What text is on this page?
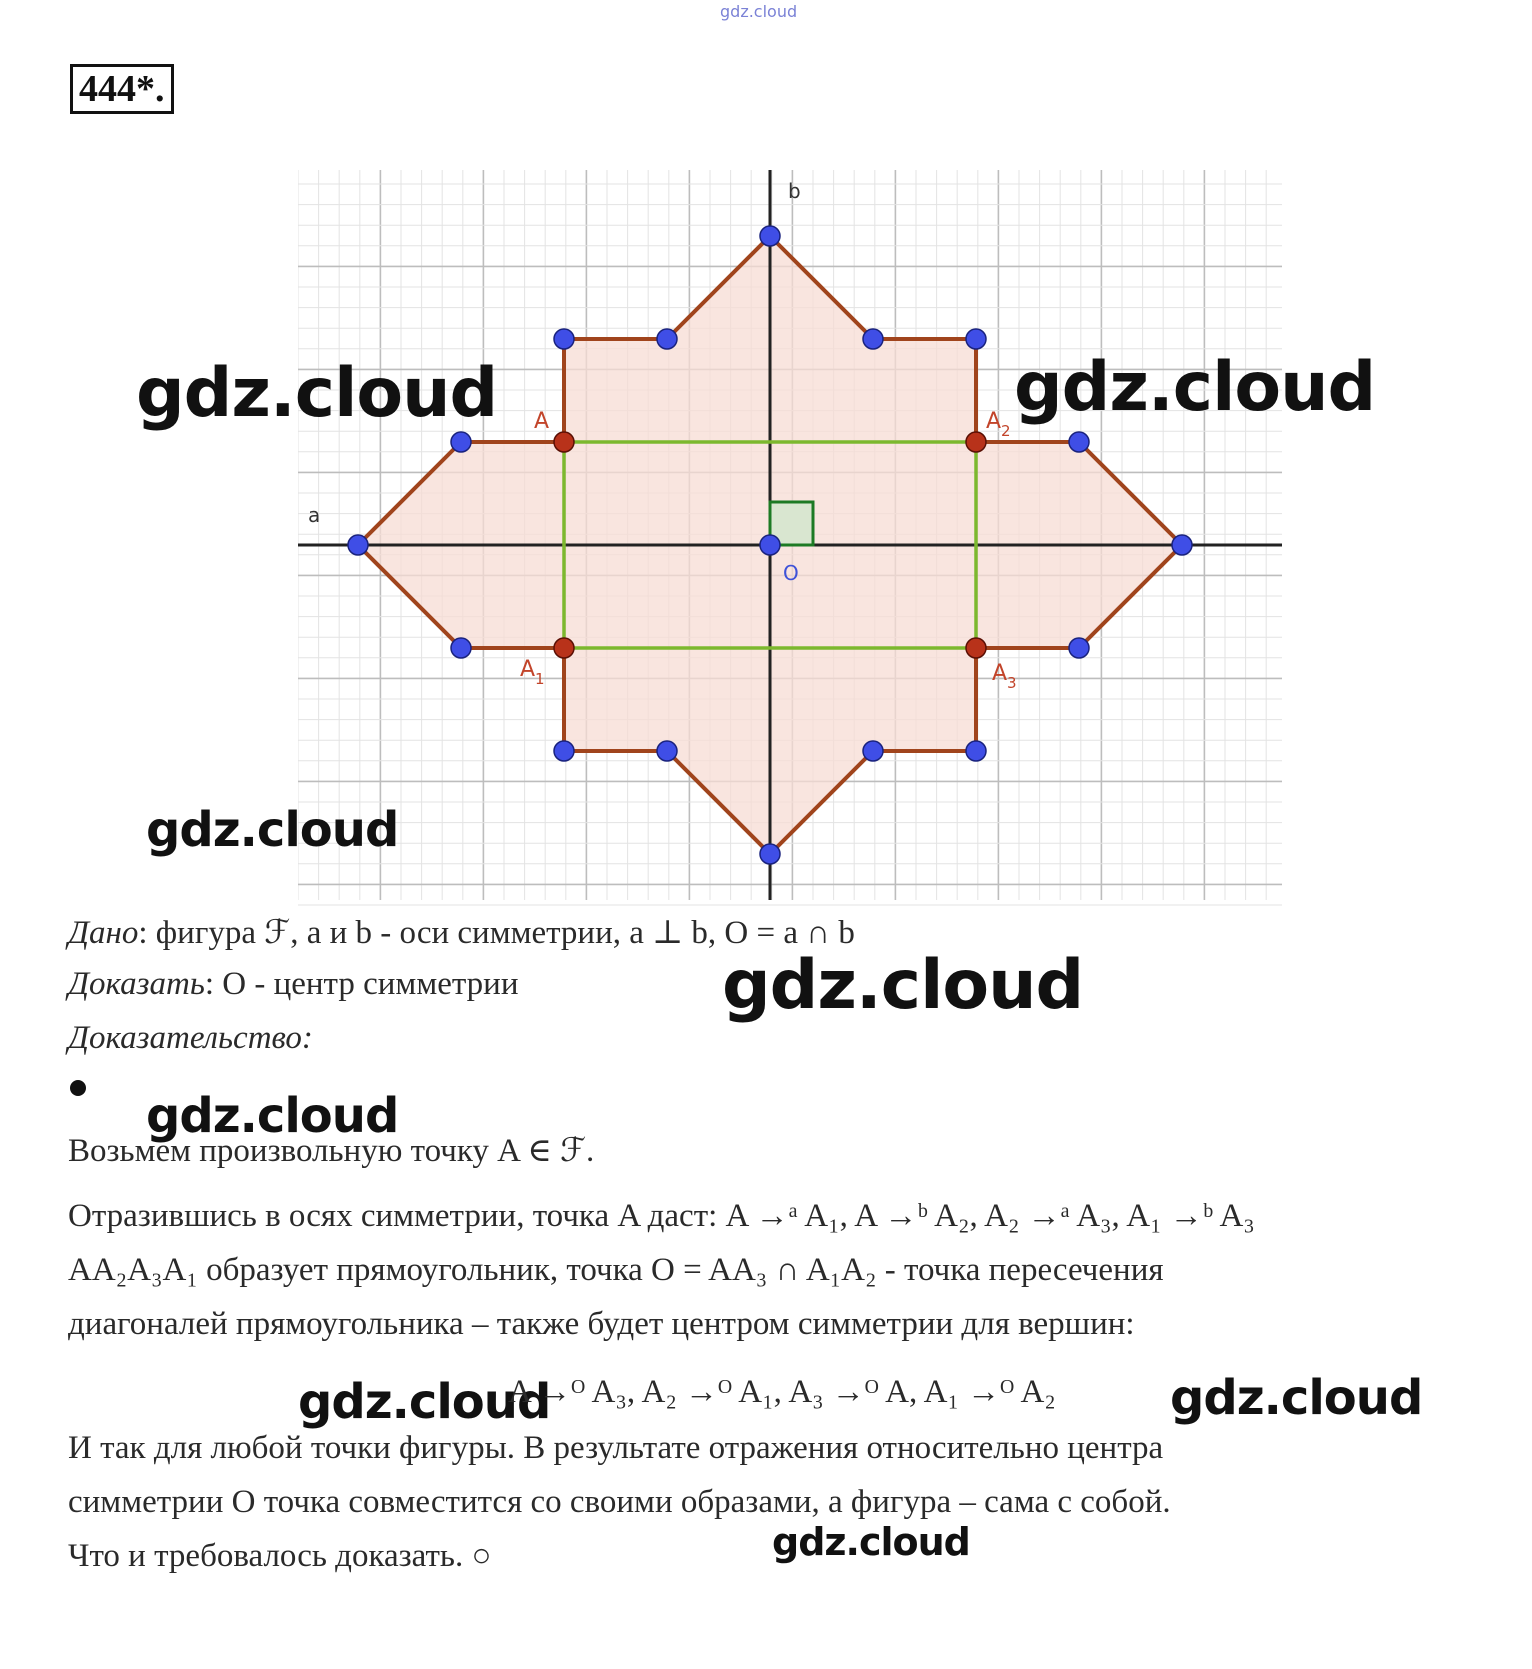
gdz.cloud
444*.
a
b
O
A	A 2
A 1	A 3
gdz.cloud	gdz.cloud
gdz.cloud
gdz.cloud
gdz.cloud
gdz.cloud	gdz.cloud
gdz.cloud
Дано: фигура ℱ, a и b - оси симметрии, a ⊥ b, O = a ∩ b
Доказать: O - центр симметрии
Доказательство:
Возьмем произвольную точку A ∈ ℱ.
Отразившись в осях симметрии, точка A даст: A →ᵃ A₁, A →ᵇ A₂, A₂ →ᵃ A₃, A₁ →ᵇ A₃
AA₂A₃A₁ образует прямоугольник, точка O = AA₃ ∩ A₁A₂ - точка пересечения
диагоналей прямоугольника – также будет центром симметрии для вершин:
A →ᴼ A₃, A₂ →ᴼ A₁, A₃ →ᴼ A, A₁ →ᴼ A₂
И так для любой точки фигуры. В результате отражения относительно центра
симметрии O точка совместится со своими образами, а фигура – сама с собой.
Что и требовалось доказать. ○
